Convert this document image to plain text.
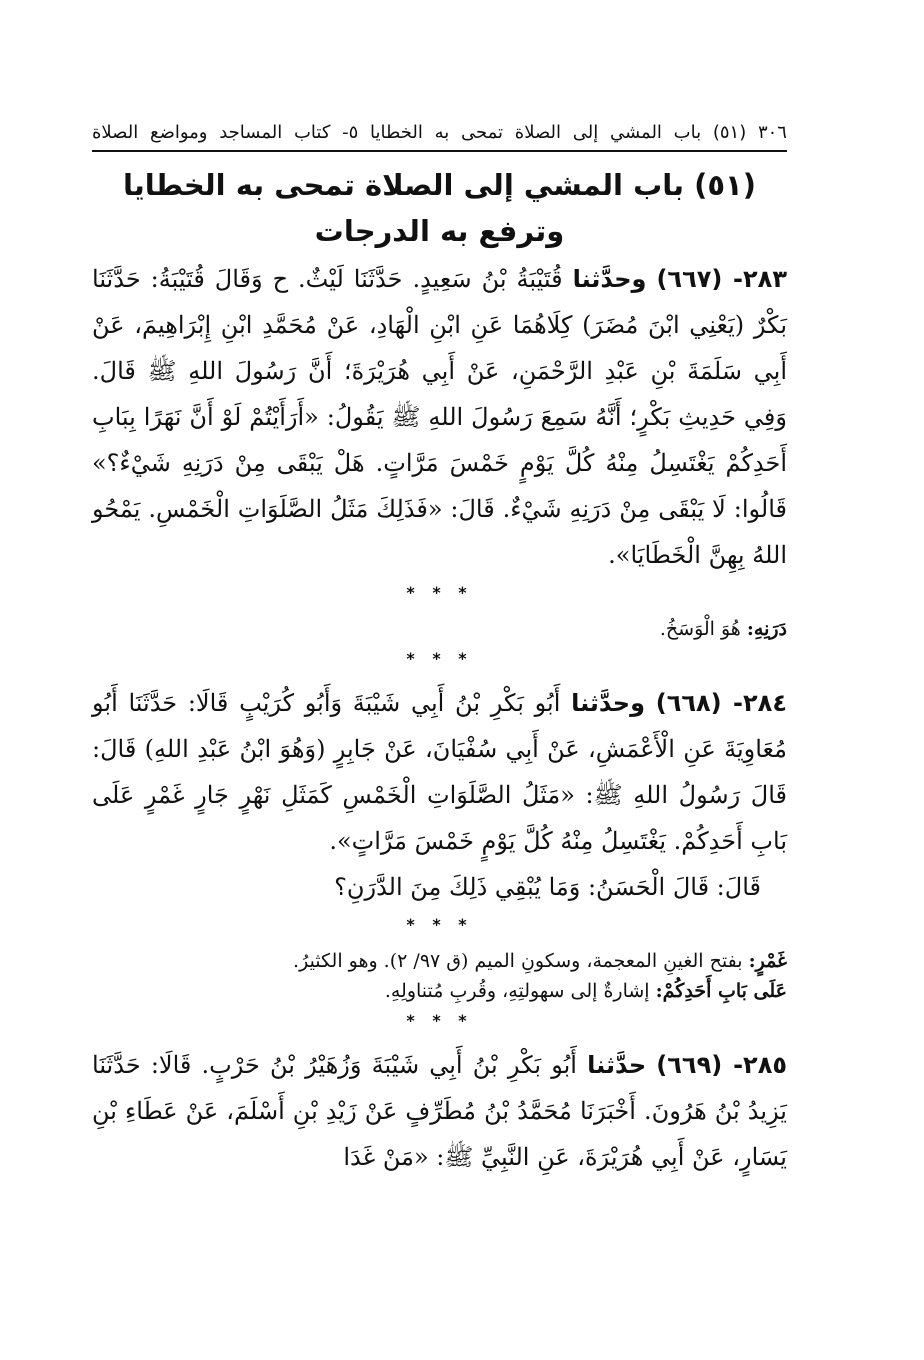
٣٠٦ (٥١) باب المشي إلى الصلاة تمحى به الخطايا ٥- كتاب المساجد ومواضع الصلاة
(٥١) باب المشي إلى الصلاة تمحى به الخطايا وترفع به الدرجات

٢٨٣- (٦٦٧) وحدَّثنا قُتَيْبَةُ بْنُ سَعِيدٍ. حَدَّثَنَا لَيْثٌ. ح وَقَالَ قُتَيْبَةُ: حَدَّثَنَا بَكْرٌ (يَعْنِي ابْنَ مُضَرَ) كِلَاهُمَا عَنِ ابْنِ الْهَادِ، عَنْ مُحَمَّدِ ابْنِ إِبْرَاهِيمَ، عَنْ أَبِي سَلَمَةَ بْنِ عَبْدِ الرَّحْمَنِ، عَنْ أَبِي هُرَيْرَةَ؛ أَنَّ رَسُولَ اللهِ ﷺ قَالَ. وَفِي حَدِيثِ بَكْرٍ؛ أَنَّهُ سَمِعَ رَسُولَ اللهِ ﷺ يَقُولُ: «أَرَأَيْتُمْ لَوْ أَنَّ نَهَرًا بِبَابِ أَحَدِكُمْ يَغْتَسِلُ مِنْهُ كُلَّ يَوْمٍ خَمْسَ مَرَّاتٍ. هَلْ يَبْقَى مِنْ دَرَنِهِ شَيْءٌ؟» قَالُوا: لَا يَبْقَى مِنْ دَرَنِهِ شَيْءٌ. قَالَ: «فَذَلِكَ مَثَلُ الصَّلَوَاتِ الْخَمْسِ. يَمْحُو اللهُ بِهِنَّ الْخَطَايَا».

* * *

دَرَنِهِ: هُوَ الْوَسَخُ.

* * *

٢٨٤- (٦٦٨) وحدَّثنا أَبُو بَكْرِ بْنُ أَبِي شَيْبَةَ وَأَبُو كُرَيْبٍ قَالَا: حَدَّثَنَا أَبُو مُعَاوِيَةَ عَنِ الْأَعْمَشِ، عَنْ أَبِي سُفْيَانَ، عَنْ جَابِرٍ (وَهُوَ ابْنُ عَبْدِ اللهِ) قَالَ: قَالَ رَسُولُ اللهِ ﷺ: «مَثَلُ الصَّلَوَاتِ الْخَمْسِ كَمَثَلِ نَهْرٍ جَارٍ غَمْرٍ عَلَى بَابِ أَحَدِكُمْ. يَغْتَسِلُ مِنْهُ كُلَّ يَوْمٍ خَمْسَ مَرَّاتٍ».
قَالَ: قَالَ الْحَسَنُ: وَمَا يُبْقِي ذَلِكَ مِنَ الدَّرَنِ؟

* * *

غَمْرٍ: بفتح الغينِ المعجمة، وسكونِ الميم (ق ٩٧/ ٢). وهو الكثيرُ.

عَلَى بَابِ أَحَدِكُمْ: إشارةٌ إلى سهولتِهِ، وقُربِ مُتناولِهِ.

* * *

٢٨٥- (٦٦٩) حدَّثنا أَبُو بَكْرِ بْنُ أَبِي شَيْبَةَ وَزُهَيْرُ بْنُ حَرْبٍ. قَالَا: حَدَّثَنَا يَزِيدُ بْنُ هَرُونَ. أَخْبَرَنَا مُحَمَّدُ بْنُ مُطَرِّفٍ عَنْ زَيْدِ بْنِ أَسْلَمَ، عَنْ عَطَاءِ بْنِ يَسَارٍ، عَنْ أَبِي هُرَيْرَةَ، عَنِ النَّبِيِّ ﷺ: «مَنْ غَدَا
